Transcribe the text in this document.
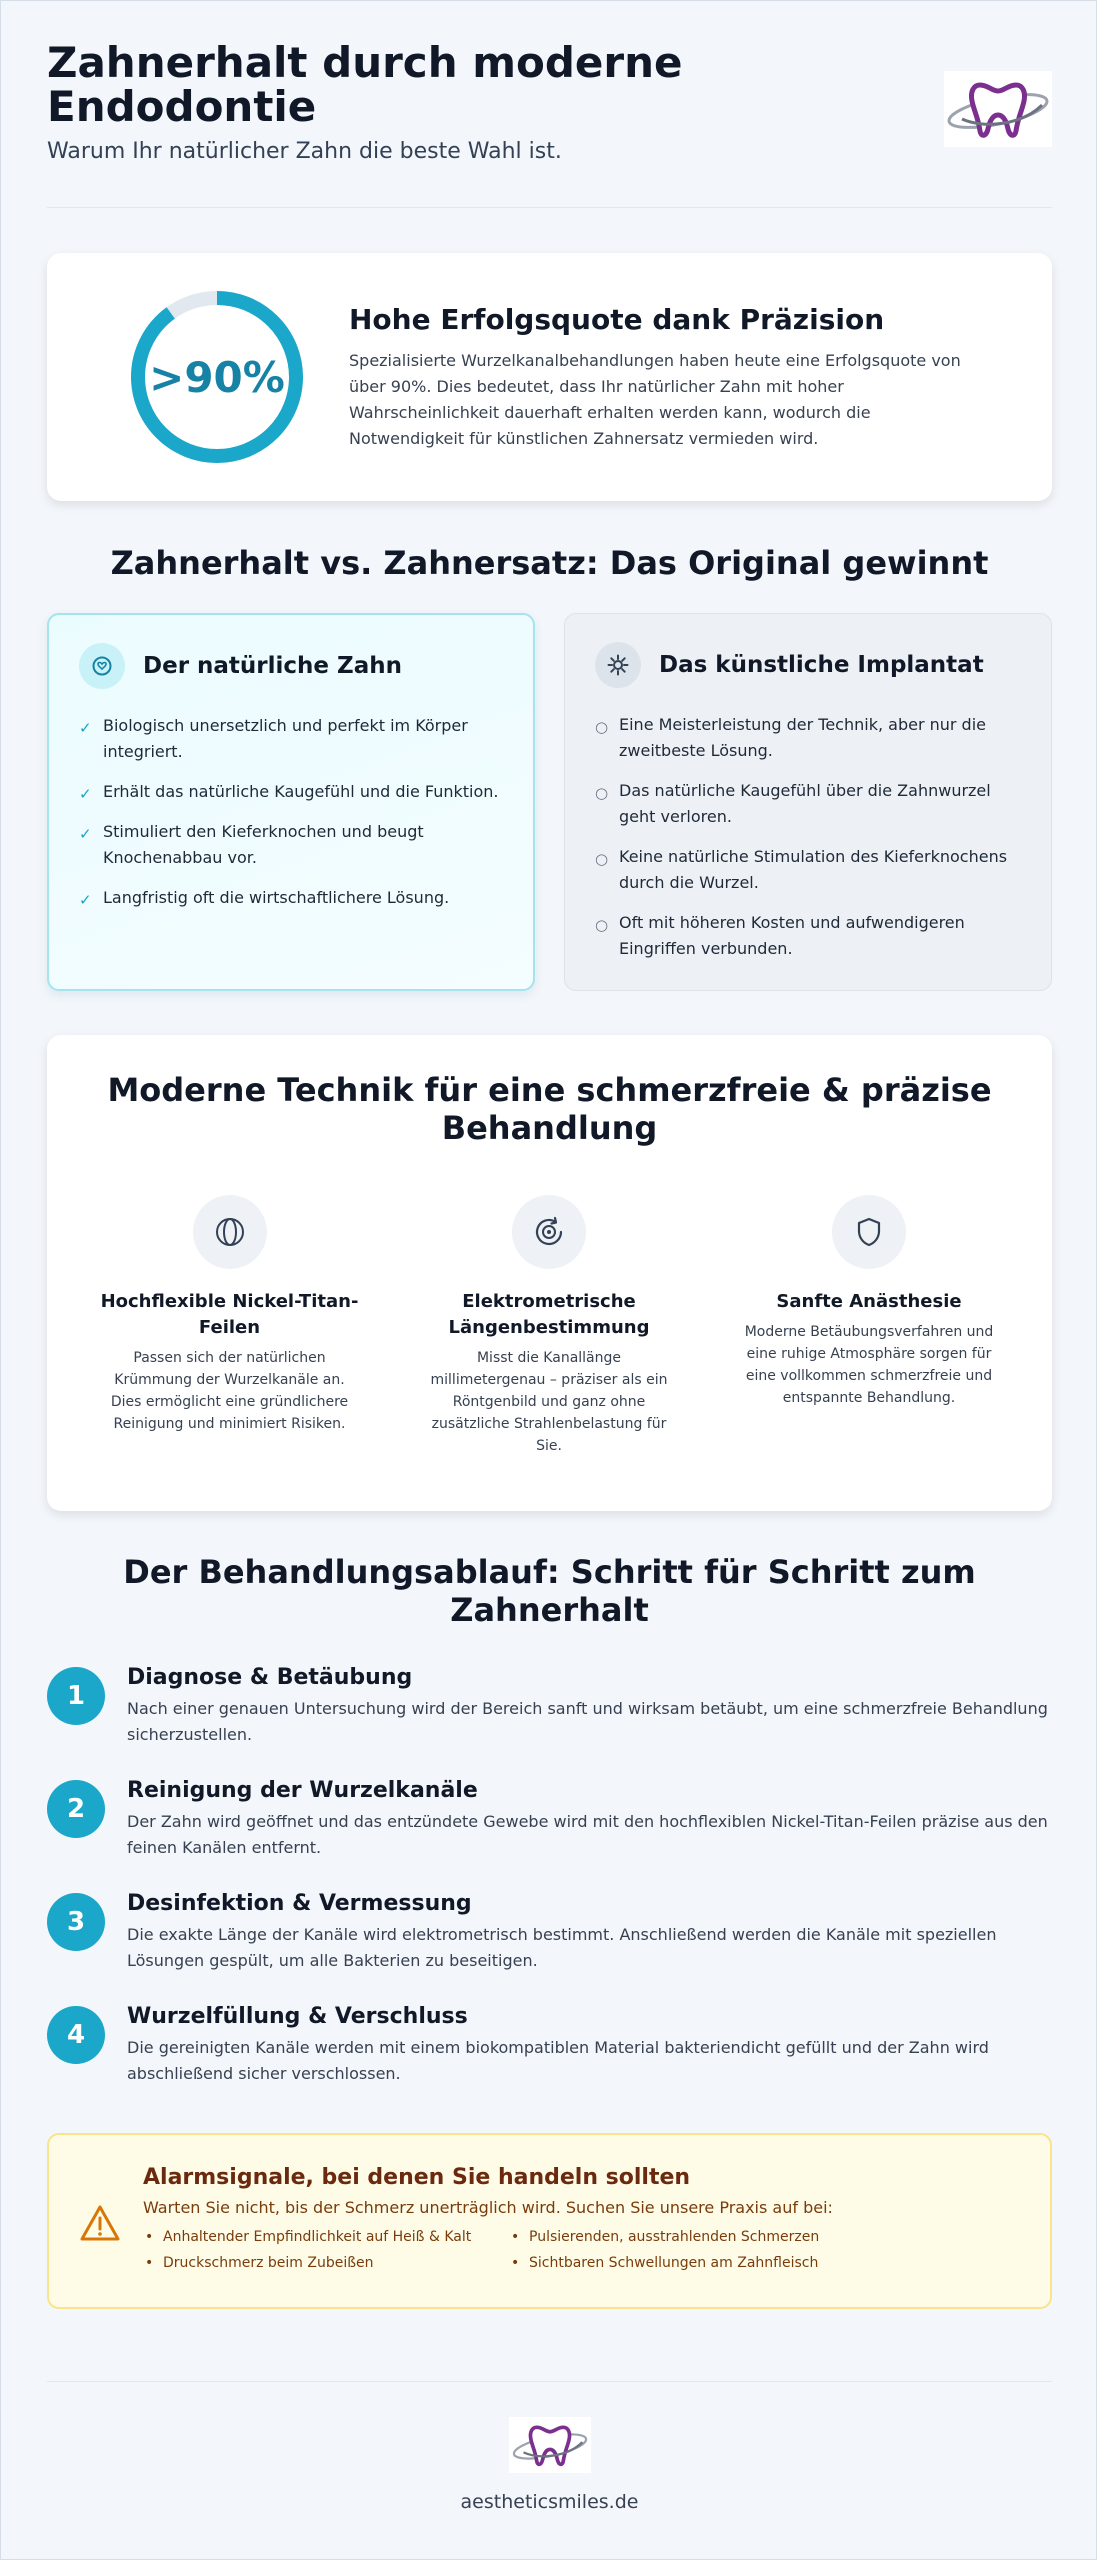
Zahnerhalt durch moderne Endodontie

Warum Ihr natürlicher Zahn die beste Wahl ist.

>90%
Hohe Erfolgsquote dank Präzision

Spezialisierte Wurzelkanalbehandlungen haben heute eine Erfolgsquote von über 90%. Dies bedeutet, dass Ihr natürlicher Zahn mit hoher Wahrscheinlichkeit dauerhaft erhalten werden kann, wodurch die Notwendigkeit für künstlichen Zahnersatz vermieden wird.

Zahnerhalt vs. Zahnersatz: Das Original gewinnt
Der natürliche Zahn
✓ Biologisch unersetzlich und perfekt im Körper integriert.
✓ Erhält das natürliche Kaugefühl und die Funktion.
✓ Stimuliert den Kieferknochen und beugt Knochenabbau vor.
✓ Langfristig oft die wirtschaftlichere Lösung.
Das künstliche Implantat
○ Eine Meisterleistung der Technik, aber nur die zweitbeste Lösung.
○ Das natürliche Kaugefühl über die Zahnwurzel geht verloren.
○ Keine natürliche Stimulation des Kieferknochens durch die Wurzel.
○ Oft mit höheren Kosten und aufwendigeren Eingriffen verbunden.
Moderne Technik für eine schmerzfreie & präzise Behandlung
Hochflexible Nickel-Titan-Feilen

Passen sich der natürlichen Krümmung der Wurzelkanäle an. Dies ermöglicht eine gründlichere Reinigung und minimiert Risiken.

Elektrometrische Längenbestimmung

Misst die Kanallänge millimetergenau – präziser als ein Röntgenbild und ganz ohne zusätzliche Strahlenbelastung für Sie.

Sanfte Anästhesie

Moderne Betäubungsverfahren und eine ruhige Atmosphäre sorgen für eine vollkommen schmerzfreie und entspannte Behandlung.

Der Behandlungsablauf: Schritt für Schritt zum Zahnerhalt
1
Diagnose & Betäubung

Nach einer genauen Untersuchung wird der Bereich sanft und wirksam betäubt, um eine schmerzfreie Behandlung sicherzustellen.

2
Reinigung der Wurzelkanäle

Der Zahn wird geöffnet und das entzündete Gewebe wird mit den hochflexiblen Nickel-Titan-Feilen präzise aus den feinen Kanälen entfernt.

3
Desinfektion & Vermessung

Die exakte Länge der Kanäle wird elektrometrisch bestimmt. Anschließend werden die Kanäle mit speziellen Lösungen gespült, um alle Bakterien zu beseitigen.

4
Wurzelfüllung & Verschluss

Die gereinigten Kanäle werden mit einem biokompatiblen Material bakteriendicht gefüllt und der Zahn wird abschließend sicher verschlossen.

Alarmsignale, bei denen Sie handeln sollten

Warten Sie nicht, bis der Schmerz unerträglich wird. Suchen Sie unsere Praxis auf bei:

• Anhaltender Empfindlichkeit auf Heiß & Kalt	• Pulsierenden, ausstrahlenden Schmerzen
• Druckschmerz beim Zubeißen	• Sichtbaren Schwellungen am Zahnfleisch
aestheticsmiles.de
